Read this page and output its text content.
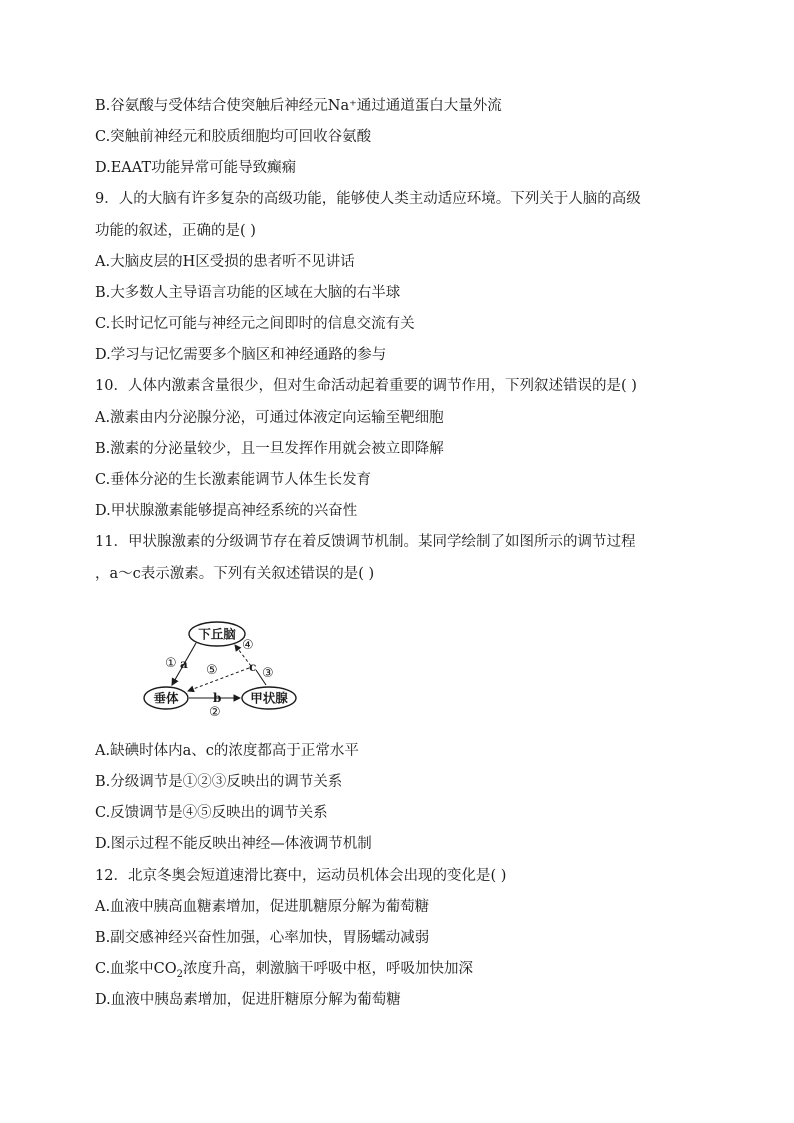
B.谷氨酸与受体结合使突触后神经元Na⁺通过通道蛋白大量外流
C.突触前神经元和胶质细胞均可回收谷氨酸
D.EAAT功能异常可能导致癫痫
9．人的大脑有许多复杂的高级功能，能够使人类主动适应环境。下列关于人脑的高级
功能的叙述，正确的是( )
A.大脑皮层的H区受损的患者听不见讲话
B.大多数人主导语言功能的区域在大脑的右半球
C.长时记忆可能与神经元之间即时的信息交流有关
D.学习与记忆需要多个脑区和神经通路的参与
10．人体内激素含量很少，但对生命活动起着重要的调节作用，下列叙述错误的是( )
A.激素由内分泌腺分泌，可通过体液定向运输至靶细胞
B.激素的分泌量较少，且一旦发挥作用就会被立即降解
C.垂体分泌的生长激素能调节人体生长发育
D.甲状腺激素能够提高神经系统的兴奋性
11．甲状腺激素的分级调节存在着反馈调节机制。某同学绘制了如图所示的调节过程
，a～c表示激素。下列有关叙述错误的是( )
下丘脑
垂体	甲状腺
① a ⑤
④
c ③
b
②
A.缺碘时体内a、c的浓度都高于正常水平
B.分级调节是①②③反映出的调节关系
C.反馈调节是④⑤反映出的调节关系
D.图示过程不能反映出神经—体液调节机制
12．北京冬奥会短道速滑比赛中，运动员机体会出现的变化是( )
A.血液中胰高血糖素增加，促进肌糖原分解为葡萄糖
B.副交感神经兴奋性加强，心率加快，胃肠蠕动减弱
C.血浆中$CO_2$浓度升高，刺激脑干呼吸中枢，呼吸加快加深
D.血液中胰岛素增加，促进肝糖原分解为葡萄糖
